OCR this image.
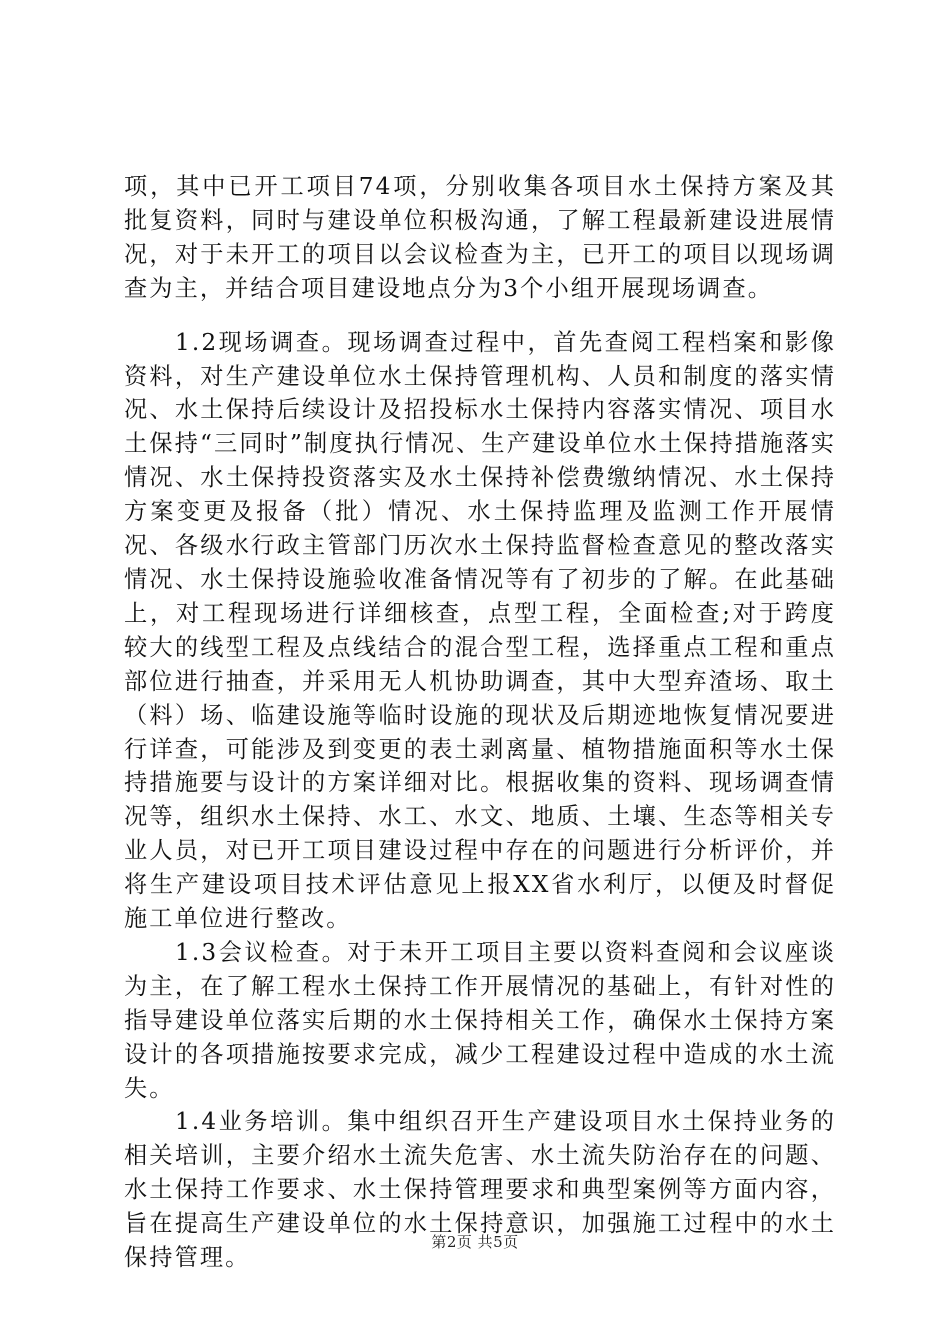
项，其中已开工项目74项，分别收集各项目水土保持方案及其批复资料，同时与建设单位积极沟通，了解工程最新建设进展情况，对于未开工的项目以会议检查为主，已开工的项目以现场调查为主，并结合项目建设地点分为3个小组开展现场调查。

1.2现场调查。现场调查过程中，首先查阅工程档案和影像资料，对生产建设单位水土保持管理机构、人员和制度的落实情况、水土保持后续设计及招投标水土保持内容落实情况、项目水土保持“三同时”制度执行情况、生产建设单位水土保持措施落实情况、水土保持投资落实及水土保持补偿费缴纳情况、水土保持方案变更及报备（批）情况、水土保持监理及监测工作开展情况、各级水行政主管部门历次水土保持监督检查意见的整改落实情况、水土保持设施验收准备情况等有了初步的了解。在此基础上，对工程现场进行详细核查，点型工程，全面检查;对于跨度较大的线型工程及点线结合的混合型工程，选择重点工程和重点部位进行抽查，并采用无人机协助调查，其中大型弃渣场、取土（料）场、临建设施等临时设施的现状及后期迹地恢复情况要进行详查，可能涉及到变更的表土剥离量、植物措施面积等水土保持措施要与设计的方案详细对比。根据收集的资料、现场调查情况等，组织水土保持、水工、水文、地质、土壤、生态等相关专业人员，对已开工项目建设过程中存在的问题进行分析评价，并将生产建设项目技术评估意见上报XX省水利厅，以便及时督促施工单位进行整改。

1.3会议检查。对于未开工项目主要以资料查阅和会议座谈为主，在了解工程水土保持工作开展情况的基础上，有针对性的指导建设单位落实后期的水土保持相关工作，确保水土保持方案设计的各项措施按要求完成，减少工程建设过程中造成的水土流失。

1.4业务培训。集中组织召开生产建设项目水土保持业务的相关培训，主要介绍水土流失危害、水土流失防治存在的问题、水土保持工作要求、水土保持管理要求和典型案例等方面内容，旨在提高生产建设单位的水土保持意识，加强施工过程中的水土保持管理。

第2页 共5页
